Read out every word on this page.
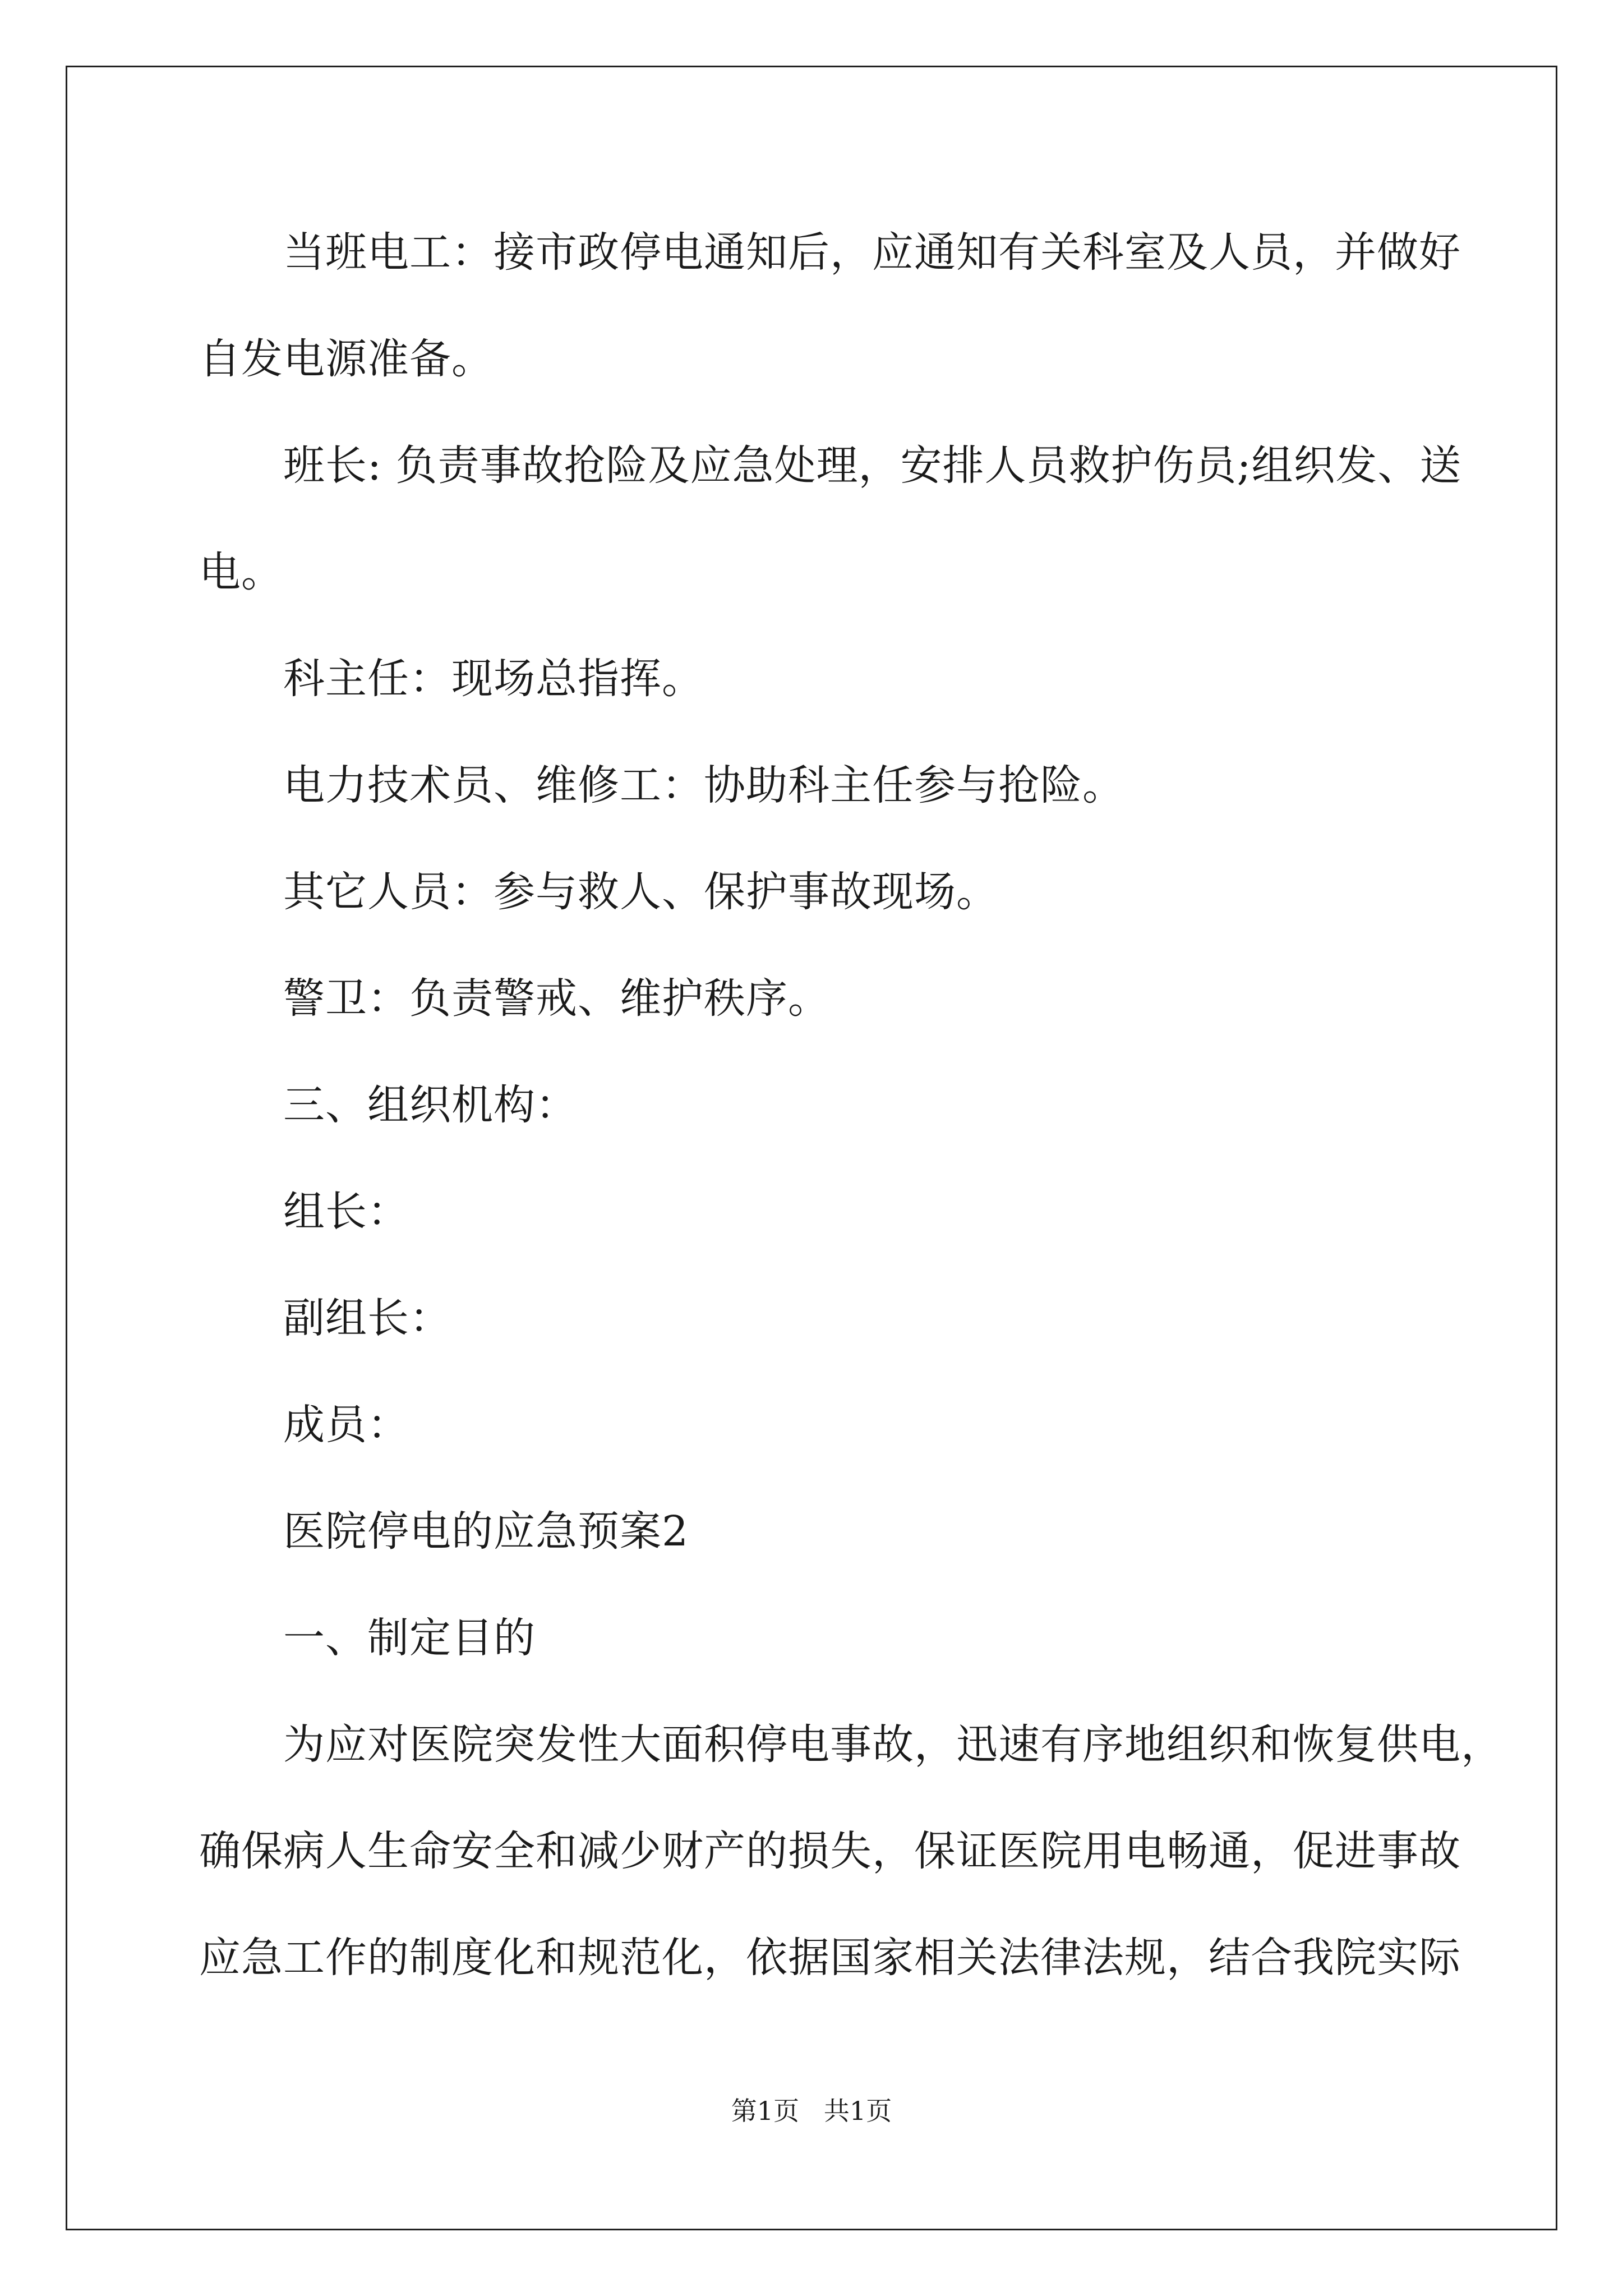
当班电工：接市政停电通知后，应通知有关科室及人员，并做好
自发电源准备。
班长: 负责事故抢险及应急处理，安排人员救护伤员;组织发、送
电。
科主任：现场总指挥。
电力技术员、维修工：协助科主任参与抢险。
其它人员：参与救人、保护事故现场。
警卫：负责警戒、维护秩序。
三、组织机构：
组长：
副组长：
成员：
医院停电的应急预案2
一、制定目的
为应对医院突发性大面积停电事故，迅速有序地组织和恢复供电，
确保病人生命安全和减少财产的损失，保证医院用电畅通，促进事故
应急工作的制度化和规范化，依据国家相关法律法规，结合我院实际
第1页   共1页
